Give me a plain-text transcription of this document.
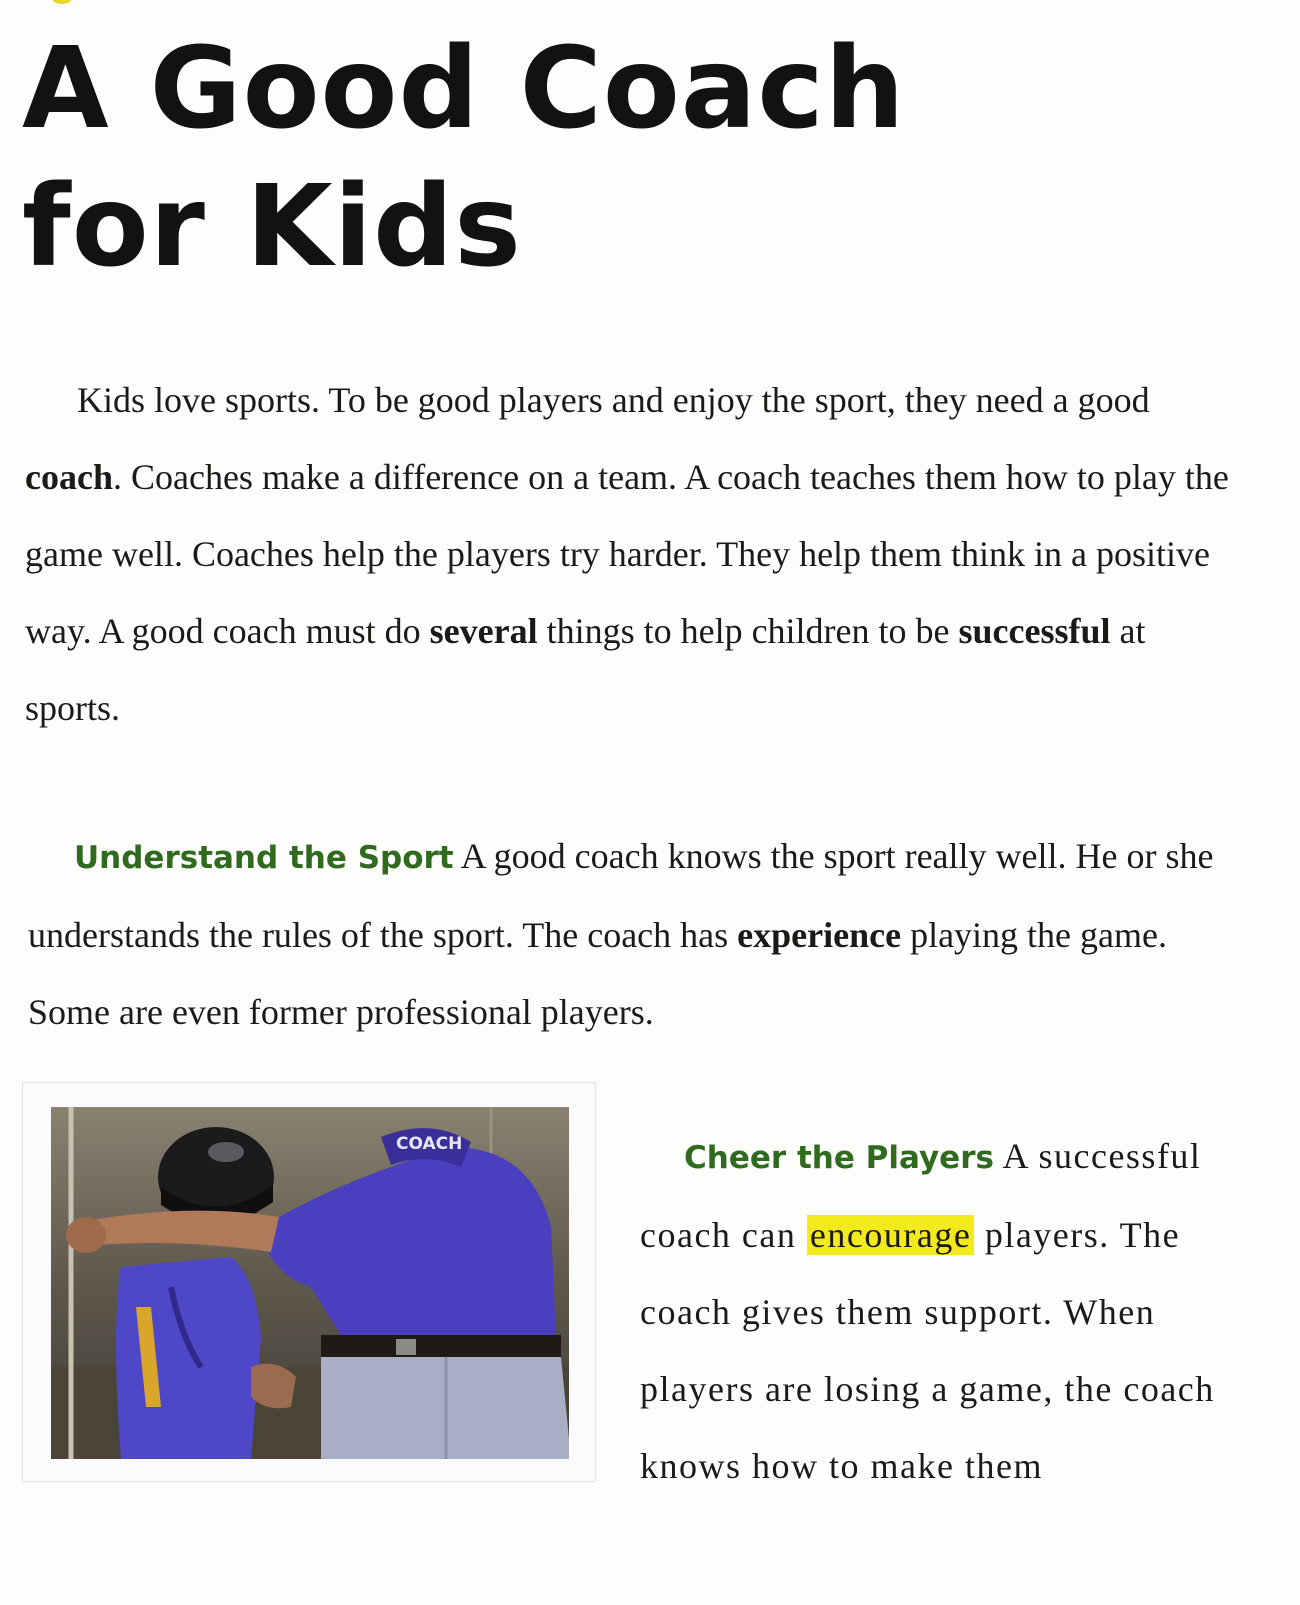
A Good Coach
for Kids

Kids love sports. To be good players and enjoy the sport, they need a good coach. Coaches make a difference on a team. A coach teaches them how to play the game well. Coaches help the players try harder. They help them think in a positive way. A good coach must do several things to help children to be successful at sports.

Understand the Sport A good coach knows the sport really well. He or she understands the rules of the sport. The coach has experience playing the game. Some are even former professional players.

COACH	Cheer the Players A successful coach can encourage players. The coach gives them support. When players are losing a game, the coach knows how to make them
